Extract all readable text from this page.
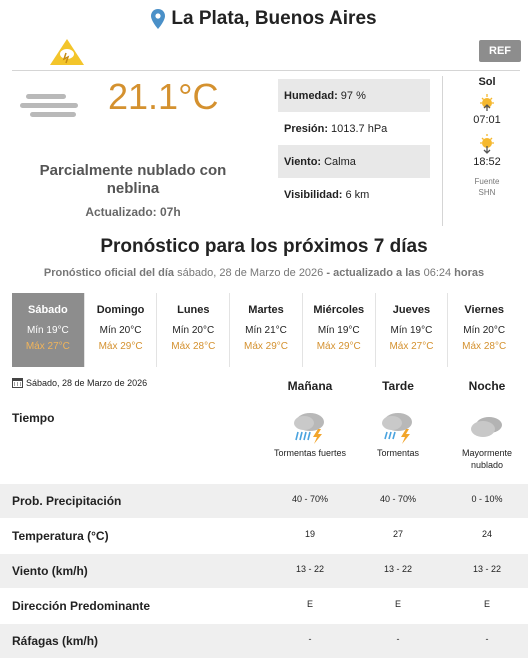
La Plata, Buenos Aires
REF
21.1°C
Parcialmente nublado con neblina
Actualizado: 07h
Humedad: 97 %
Presión: 1013.7 hPa
Viento: Calma
Visibilidad: 6 km
Sol
07:01
18:52
Fuente
SHN
Pronóstico para los próximos 7 días
Pronóstico oficial del día sábado, 28 de Marzo de 2026 - actualizado a las 06:24 horas
Sábado
Mín 19°C
Máx 27°C
Domingo
Mín 20°C
Máx 29°C
Lunes
Mín 20°C
Máx 28°C
Martes
Mín 21°C
Máx 29°C
Miércoles
Mín 19°C
Máx 29°C
Jueves
Mín 19°C
Máx 27°C
Viernes
Mín 20°C
Máx 28°C
Sábado, 28 de Marzo de 2026	Mañana	Tarde	Noche
Tiempo
Tormentas fuertes	Tormentas	Mayormente nublado
Prob. Precipitación	40 - 70%	40 - 70%	0 - 10%
Temperatura (°C)	19	27	24
Viento (km/h)	13 - 22	13 - 22	13 - 22
Dirección Predominante	E	E	E
Ráfagas (km/h)	-	-	-
